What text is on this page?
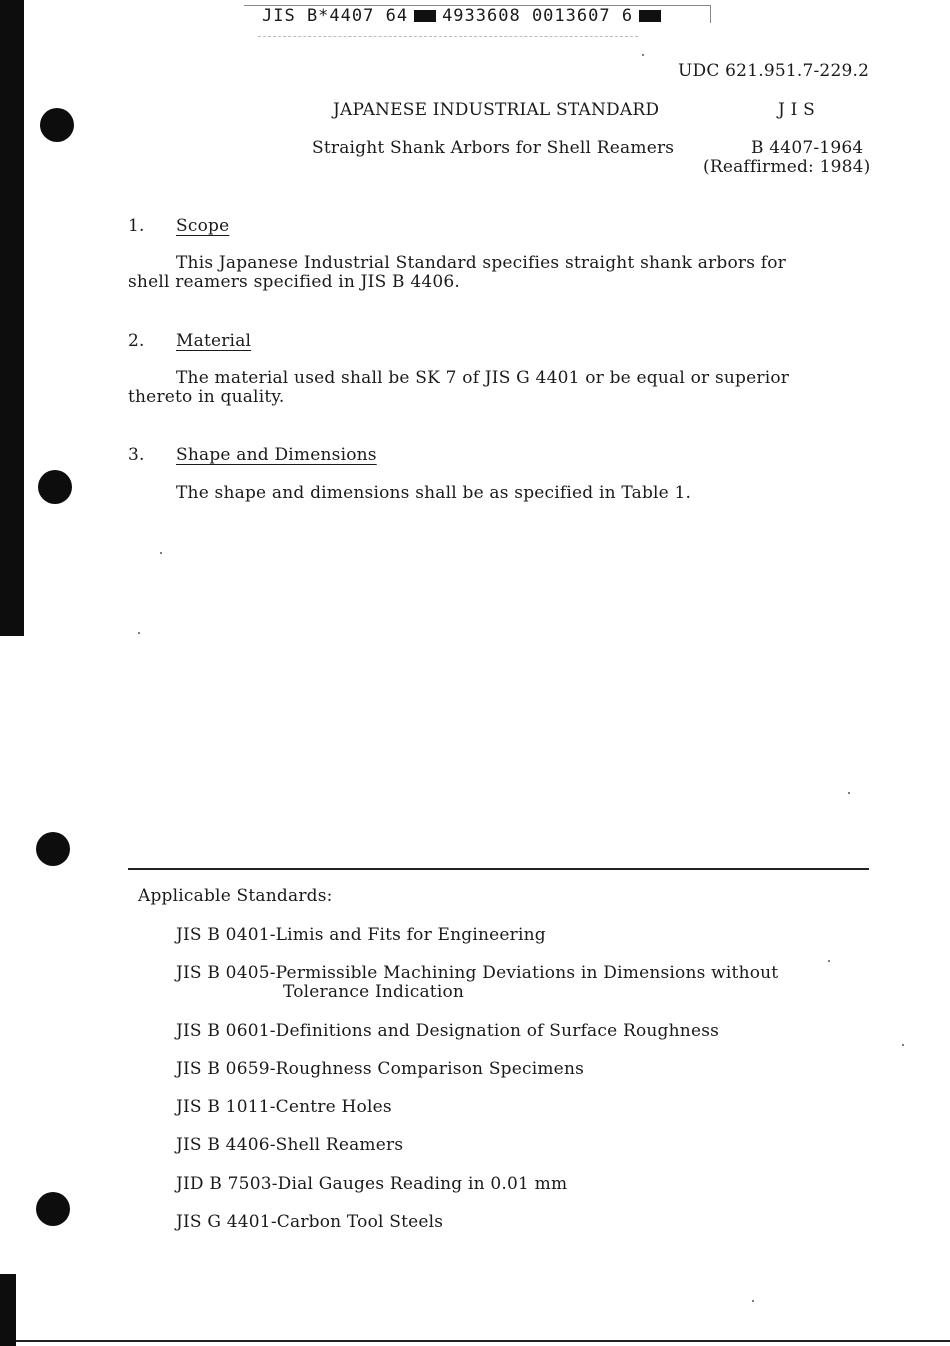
JIS B*4407 64 4933608 0013607 6
UDC 621.951.7-229.2
JAPANESE INDUSTRIAL STANDARD	J I S
Straight Shank Arbors for Shell Reamers	B 4407-1964
(Reaffirmed: 1984)
1. Scope
This Japanese Industrial Standard specifies straight shank arbors for shell reamers specified in JIS B 4406.
2. Material
The material used shall be SK 7 of JIS G 4401 or be equal or superior thereto in quality.
3. Shape and Dimensions
The shape and dimensions shall be as specified in Table 1.
Applicable Standards:
JIS B 0401-Limis and Fits for Engineering
JIS B 0405-Permissible Machining Deviations in Dimensions without
Tolerance Indication
JIS B 0601-Definitions and Designation of Surface Roughness
JIS B 0659-Roughness Comparison Specimens
JIS B 1011-Centre Holes
JIS B 4406-Shell Reamers
JID B 7503-Dial Gauges Reading in 0.01 mm
JIS G 4401-Carbon Tool Steels
